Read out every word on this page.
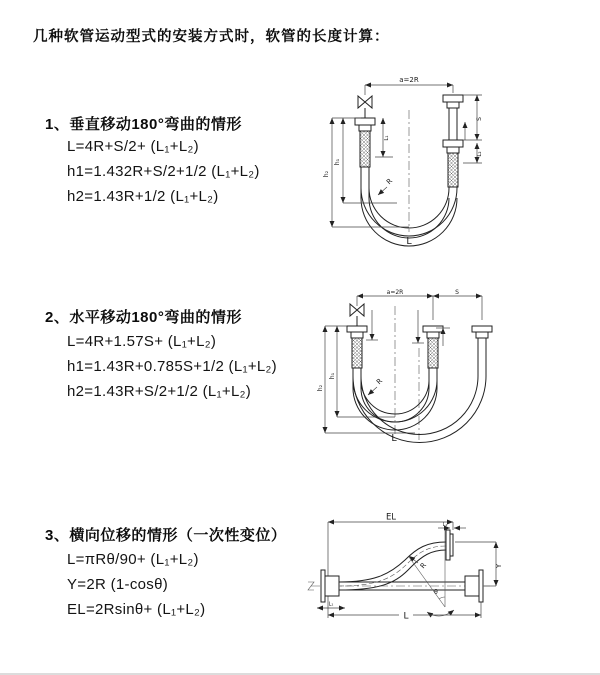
几种软管运动型式的安装方式时，软管的长度计算：
1、垂直移动180°弯曲的情形
L=4R+S/2+ (L₁+L₂)
h1=1.432R+S/2+1/2 (L₁+L₂)
h2=1.43R+1/2 (L₁+L₂)
2、水平移动180°弯曲的情形
L=4R+1.57S+ (L₁+L₂)
h1=1.43R+0.785S+1/2 (L₁+L₂)
h2=1.43R+S/2+1/2 (L₁+L₂)
3、横向位移的情形（一次性变位）
L=πRθ/90+ (L₁+L₂)
Y=2R (1-cosθ)
EL=2Rsinθ+ (L₁+L₂)
a=2R
h₂
h₁
L₁
S
L₂
R
L
a=2R	S
h₂
h₁
R
L
EL
L₁
Y
θ
R
L₁
L
